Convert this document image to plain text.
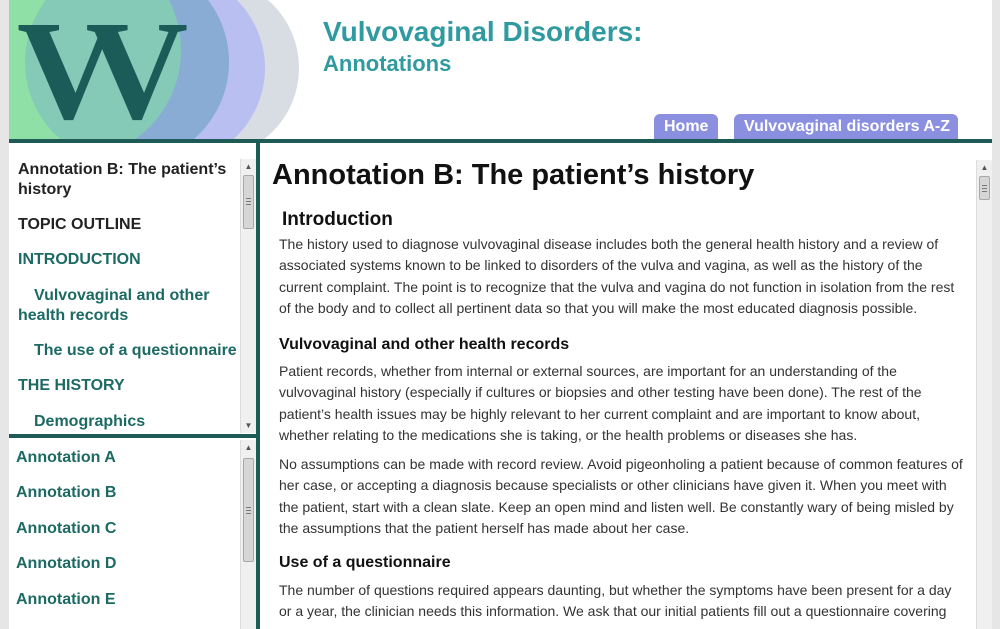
VV	Vulvovaginal Disorders:
Annotations
Home	Vulvovaginal disorders A-Z
Annotation B: The patient’s history
TOPIC OUTLINE
INTRODUCTION
Vulvovaginal and other health records
The use of a questionnaire
THE HISTORY
Demographics
▲
▼
Annotation A
Annotation B
Annotation C
Annotation D
Annotation E
▲
Annotation B: The patient’s history
Introduction
The history used to diagnose vulvovaginal disease includes both the general health history and a review of associated systems known to be linked to disorders of the vulva and vagina, as well as the history of the current complaint. The point is to recognize that the vulva and vagina do not function in isolation from the rest of the body and to collect all pertinent data so that you will make the most educated diagnosis possible.
Vulvovaginal and other health records
Patient records, whether from internal or external sources, are important for an understanding of the vulvovaginal history (especially if cultures or biopsies and other testing have been done). The rest of the patient’s health issues may be highly relevant to her current complaint and are important to know about, whether relating to the medications she is taking, or the health problems or diseases she has.
No assumptions can be made with record review. Avoid pigeonholing a patient because of common features of her case, or accepting a diagnosis because specialists or other clinicians have given it. When you meet with the patient, start with a clean slate. Keep an open mind and listen well. Be constantly wary of being misled by the assumptions that the patient herself has made about her case.
Use of a questionnaire
The number of questions required appears daunting, but whether the symptoms have been present for a day or a year, the clinician needs this information. We ask that our initial patients fill out a questionnaire covering
▲
